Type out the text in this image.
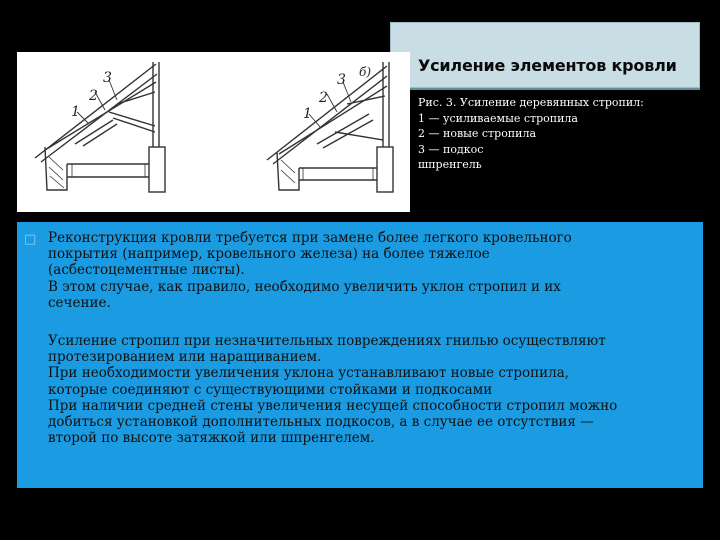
3
2
1
3
2
1
б)	Усиление элементов кровли
Рис. 3. Усиление деревянных стропил:
1 — усиливаемые стропила
2 — новые стропила
3 — подкос
шпренгель
□ Реконструкция кровли требуется при замене более легкого кровельного
покрытия (например, кровельного железа) на более тяжелое
(асбестоцементные листы).
В этом случае, как правило, необходимо увеличить уклон стропил и их
сечение.
Усиление стропил при незначительных повреждениях гнилью осуществляют
протезированием или наращиванием.
При необходимости увеличения уклона устанавливают новые стропила,
которые соединяют с существующими стойками и подкосами
При наличии средней стены увеличения несущей способности стропил можно
добиться установкой дополнительных подкосов, а в случае ее отсутствия —
второй по высоте затяжкой или шпренгелем.
